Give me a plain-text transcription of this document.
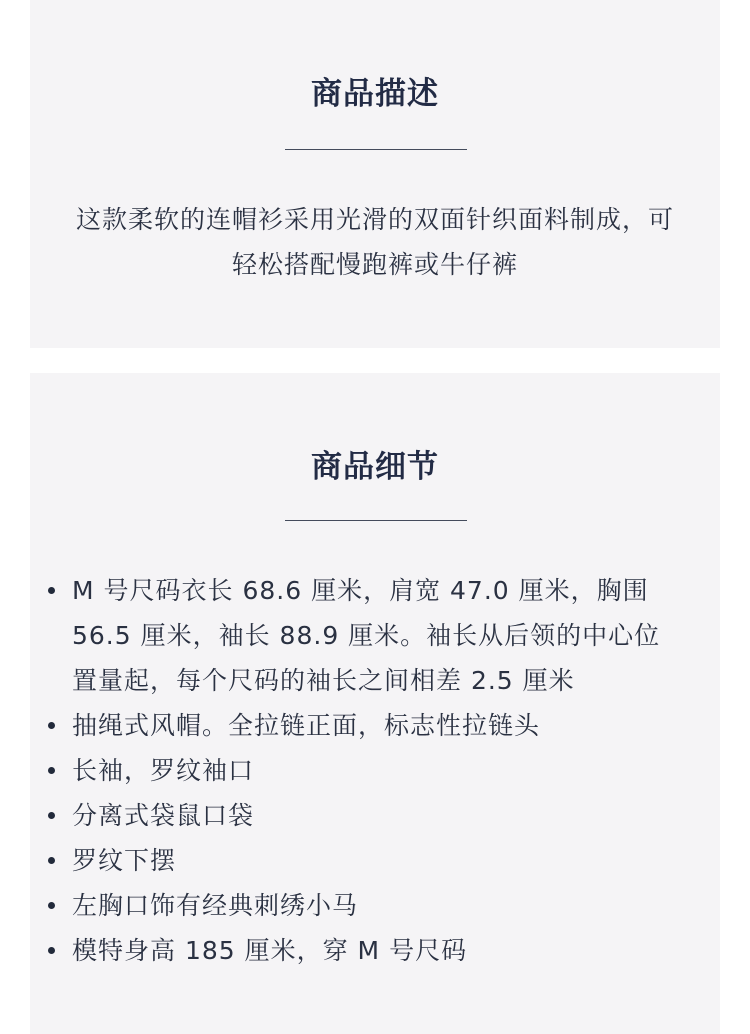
商品描述

这款柔软的连帽衫采用光滑的双面针织面料制成，可轻松搭配慢跑裤或牛仔裤

商品细节
M 号尺码衣长 68.6 厘米，肩宽 47.0 厘米，胸围 56.5 厘米，袖长 88.9 厘米。袖长从后领的中心位置量起，每个尺码的袖长之间相差 2.5 厘米
抽绳式风帽。全拉链正面，标志性拉链头
长袖，罗纹袖口
分离式袋鼠口袋
罗纹下摆
左胸口饰有经典刺绣小马
模特身高 185 厘米，穿 M 号尺码
